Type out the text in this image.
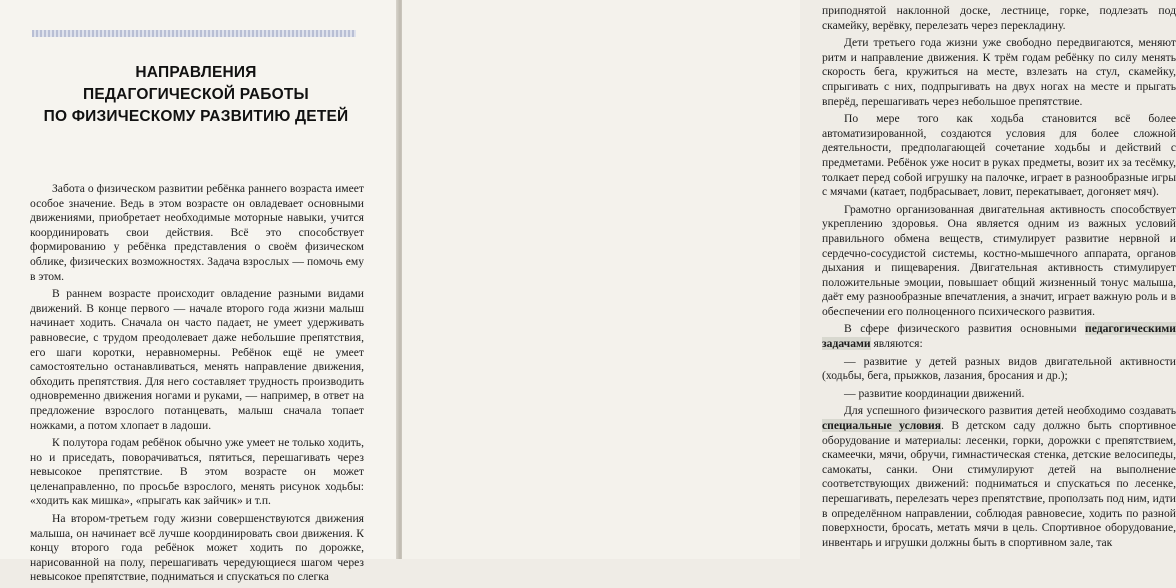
НАПРАВЛЕНИЯ
ПЕДАГОГИЧЕСКОЙ РАБОТЫ
ПО ФИЗИЧЕСКОМУ РАЗВИТИЮ ДЕТЕЙ

Забота о физическом развитии ребёнка раннего возраста имеет особое значение. Ведь в этом возрасте он овладевает основными движениями, приобретает необходимые моторные навыки, учится координировать свои действия. Всё это способствует формированию у ребёнка представления о своём физическом облике, физических возможностях. Задача взрослых — помочь ему в этом.

В раннем возрасте происходит овладение разными видами движений. В конце первого — начале второго года жизни малыш начинает ходить. Сначала он часто падает, не умеет удерживать равновесие, с трудом преодолевает даже небольшие препятствия, его шаги коротки, неравномерны. Ребёнок ещё не умеет самостоятельно останавливаться, менять направление движения, обходить препятствия. Для него составляет трудность производить одновременно движения ногами и руками, — например, в ответ на предложение взрослого потанцевать, малыш сначала топает ножками, а потом хлопает в ладоши.

К полутора годам ребёнок обычно уже умеет не только ходить, но и приседать, поворачиваться, пятиться, перешагивать через невысокое препятствие. В этом возрасте он может целенаправленно, по просьбе взрослого, менять рисунок ходьбы: «ходить как мишка», «прыгать как зайчик» и т.п.

На втором-третьем году жизни совершенствуются движения малыша, он начинает всё лучше координировать свои движения. К концу второго года ребёнок может ходить по дорожке, нарисованной на полу, перешагивать чередующиеся шагом через невысокое препятствие, подниматься и спускаться по слегка

приподнятой наклонной доске, лестнице, горке, подлезать под скамейку, верёвку, перелезать через перекладину.

Дети третьего года жизни уже свободно передвигаются, меняют ритм и направление движения. К трём годам ребёнку по силу менять скорость бега, кружиться на месте, взлезать на стул, скамейку, спрыгивать с них, подпрыгивать на двух ногах на месте и прыгать вперёд, перешагивать через небольшое препятствие.

По мере того как ходьба становится всё более автоматизированной, создаются условия для более сложной деятельности, предполагающей сочетание ходьбы и действий с предметами. Ребёнок уже носит в руках предметы, возит их за тесёмку, толкает перед собой игрушку на палочке, играет в разнообразные игры с мячами (катает, подбрасывает, ловит, перекатывает, догоняет мяч).

Грамотно организованная двигательная активность способствует укреплению здоровья. Она является одним из важных условий правильного обмена веществ, стимулирует развитие нервной и сердечно-сосудистой системы, костно-мышечного аппарата, органов дыхания и пищеварения. Двигательная активность стимулирует положительные эмоции, повышает общий жизненный тонус малыша, даёт ему разнообразные впечатления, а значит, играет важную роль и в обеспечении его полноценного психического развития.

В сфере физического развития основными педагогическими задачами являются:

— развитие у детей разных видов двигательной активности (ходьбы, бега, прыжков, лазания, бросания и др.);

— развитие координации движений.

Для успешного физического развития детей необходимо создавать специальные условия. В детском саду должно быть спортивное оборудование и материалы: лесенки, горки, дорожки с препятствием, скамеечки, мячи, обручи, гимнастическая стенка, детские велосипеды, самокаты, санки. Они стимулируют детей на выполнение соответствующих движений: подниматься и спускаться по лесенке, перешагивать, перелезать через препятствие, проползать под ним, идти в определённом направлении, соблюдая равновесие, ходить по разной поверхности, бросать, метать мячи в цель. Спортивное оборудование, инвентарь и игрушки должны быть в спортивном зале, так
